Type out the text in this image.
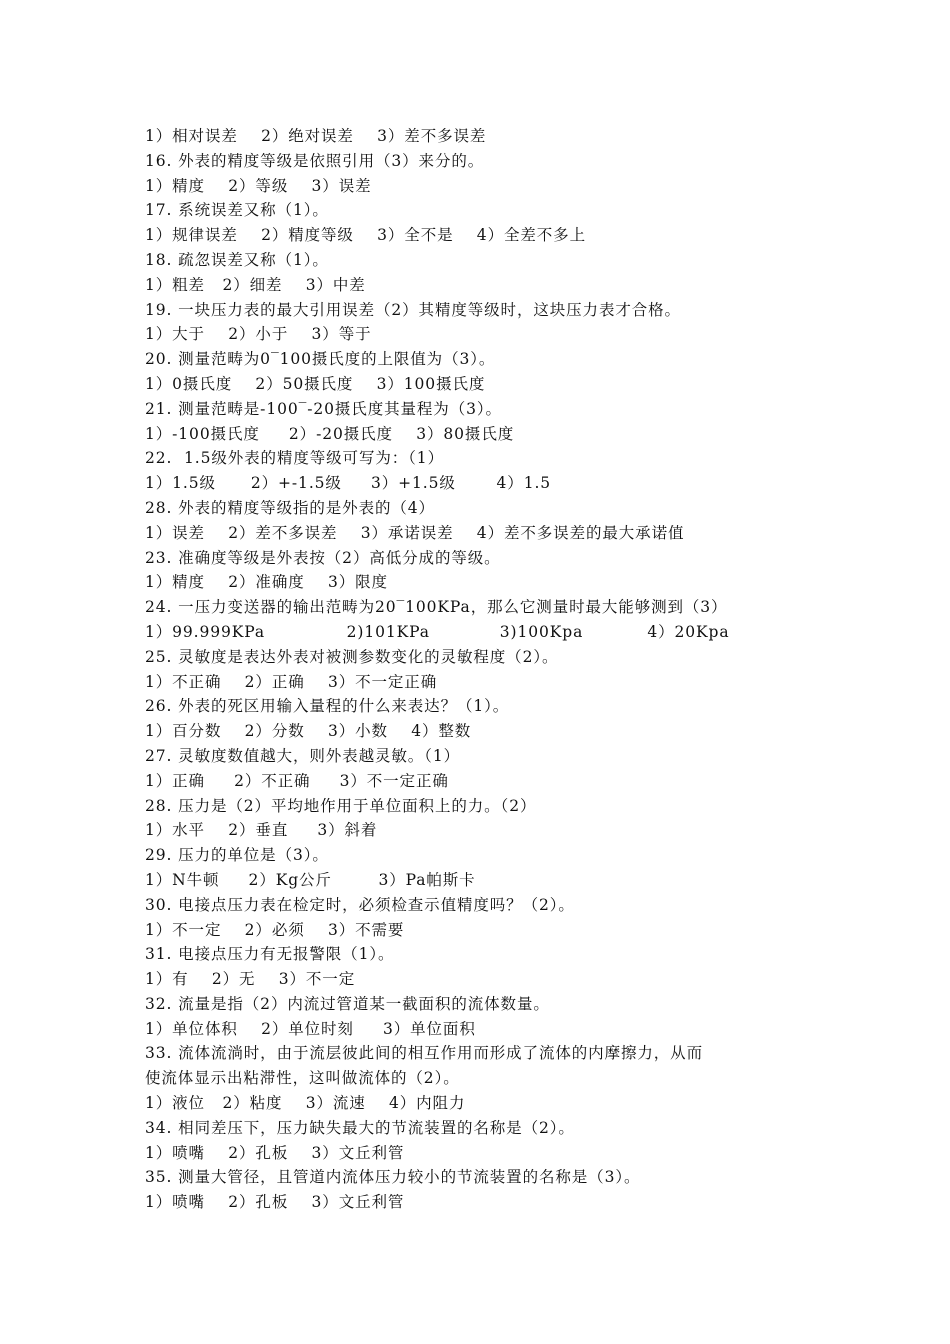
1）相对误差    2）绝对误差    3）差不多误差
16. 外表的精度等级是依照引用（3）来分的。
1）精度    2）等级    3）误差
17. 系统误差又称（1）。
1）规律误差    2）精度等级    3）全不是    4）全差不多上
18. 疏忽误差又称（1）。
1）粗差   2）细差    3）中差
19. 一块压力表的最大引用误差（2）其精度等级时，这块压力表才合格。
1）大于    2）小于    3）等于
20. 测量范畴为0‾100摄氏度的上限值为（3）。
1）0摄氏度    2）50摄氏度    3）100摄氏度
21. 测量范畴是-100‾-20摄氏度其量程为（3）。
1）-100摄氏度     2）-20摄氏度    3）80摄氏度
22.  1.5级外表的精度等级可写为：（1）
1）1.5级      2）+-1.5级     3）+1.5级       4）1.5
28. 外表的精度等级指的是外表的（4）
1）误差    2）差不多误差    3）承诺误差    4）差不多误差的最大承诺值
23. 准确度等级是外表按（2）高低分成的等级。
1）精度    2）准确度    3）限度
24. 一压力变送器的输出范畴为20‾100KPa，那么它测量时最大能够测到（3）
1）99.999KPa              2)101KPa            3)100Kpa           4）20Kpa
25. 灵敏度是表达外表对被测参数变化的灵敏程度（2）。
1）不正确    2）正确    3）不一定正确
26. 外表的死区用输入量程的什么来表达？（1）。
1）百分数    2）分数    3）小数    4）整数
27. 灵敏度数值越大，则外表越灵敏。（1）
1）正确     2）不正确     3）不一定正确
28. 压力是（2）平均地作用于单位面积上的力。（2）
1）水平    2）垂直     3）斜着
29. 压力的单位是（3）。
1）N牛顿     2）Kg公斤        3）Pa帕斯卡
30. 电接点压力表在检定时，必须检查示值精度吗？（2）。
1）不一定    2）必须    3）不需要
31. 电接点压力有无报警限（1）。
1）有    2）无    3）不一定
32. 流量是指（2）内流过管道某一截面积的流体数量。
1）单位体积    2）单位时刻     3）单位面积
33. 流体流淌时，由于流层彼此间的相互作用而形成了流体的内摩擦力，从而
使流体显示出粘滞性，这叫做流体的（2）。
1）液位   2）粘度    3）流速    4）内阻力
34. 相同差压下，压力缺失最大的节流装置的名称是（2）。
1）喷嘴    2）孔板    3）文丘利管
35. 测量大管径，且管道内流体压力较小的节流装置的名称是（3）。
1）喷嘴    2）孔板    3）文丘利管
